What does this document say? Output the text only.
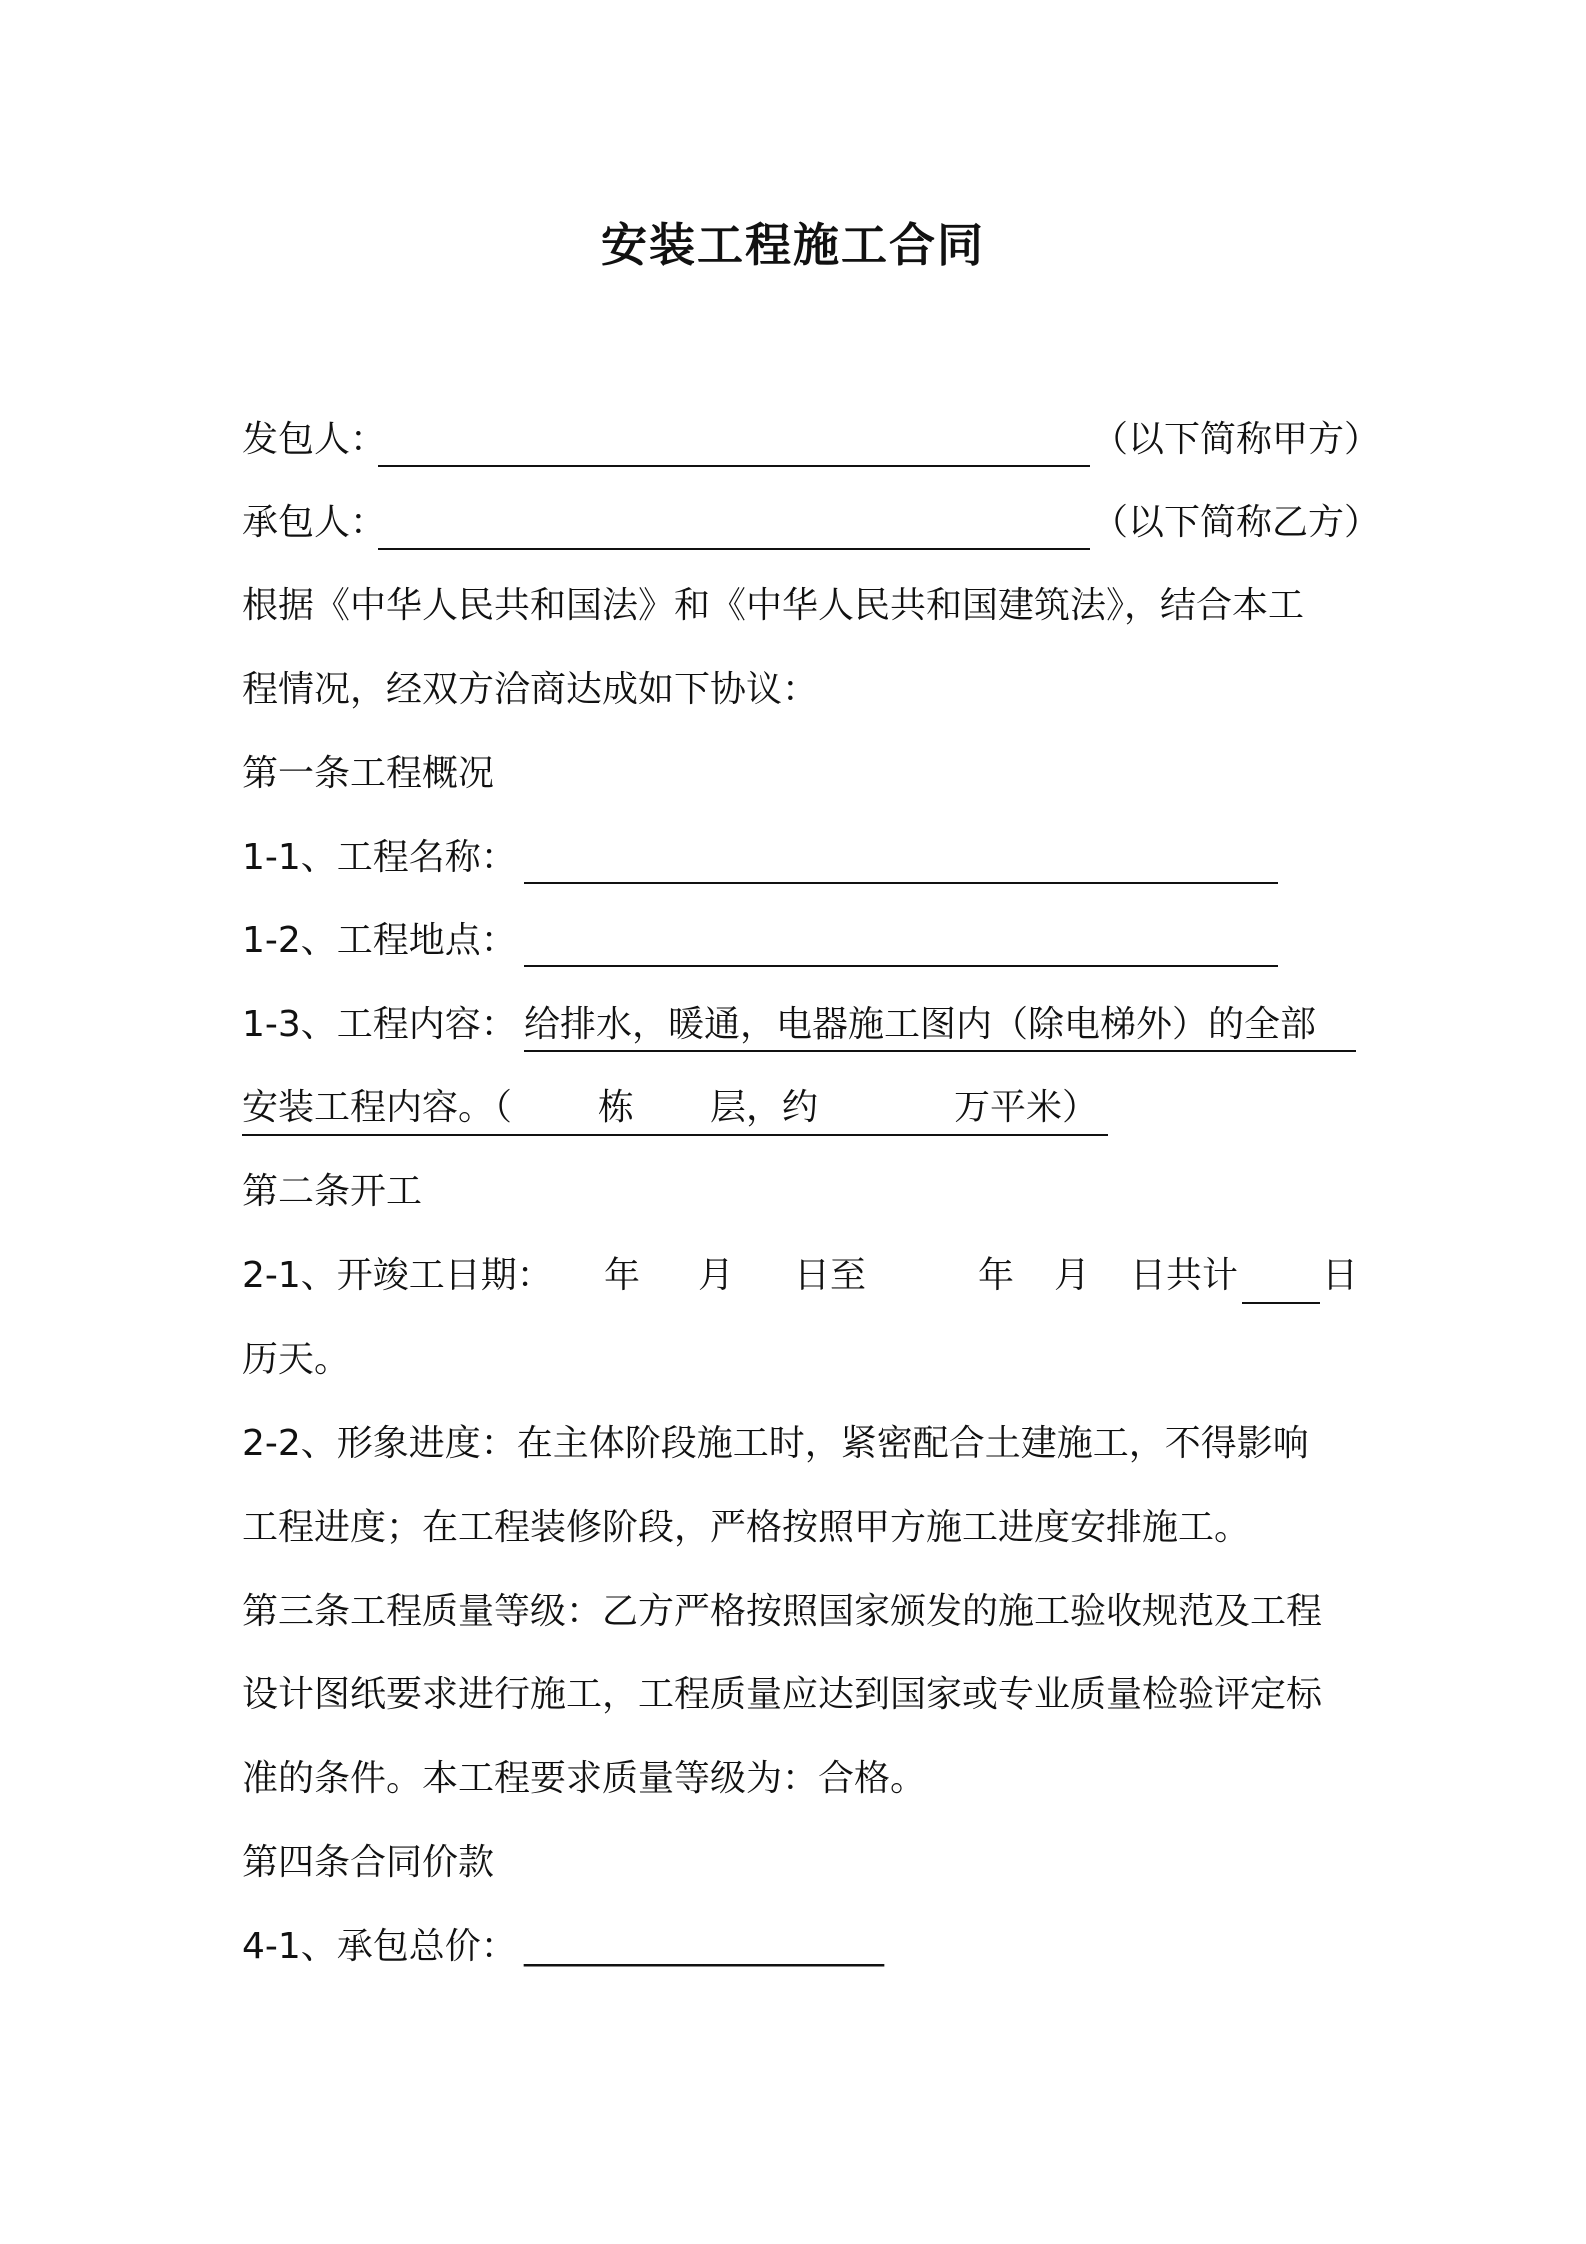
安装工程施工合同
发包人：	（以下简称甲方）
承包人：	（以下简称乙方）
根据《中华人民共和国法》和《中华人民共和国建筑法》，结合本工
程情况，经双方洽商达成如下协议：
第一条工程概况
1-1、工程名称：
1-2、工程地点：
1-3、工程内容： 给排水，暖通，电器施工图内（除电梯外）的全部
安装工程内容。（ 栋 层，约	万平米）
第二条开工
2-1、开竣工日期： 年 月 日至	年 月 日共计 日
历天。
2-2、形象进度：在主体阶段施工时，紧密配合土建施工，不得影响
工程进度；在工程装修阶段，严格按照甲方施工进度安排施工。
第三条工程质量等级：乙方严格按照国家颁发的施工验收规范及工程
设计图纸要求进行施工，工程质量应达到国家或专业质量检验评定标
准的条件。本工程要求质量等级为：合格。
第四条合同价款
4-1、承包总价： ____________________
